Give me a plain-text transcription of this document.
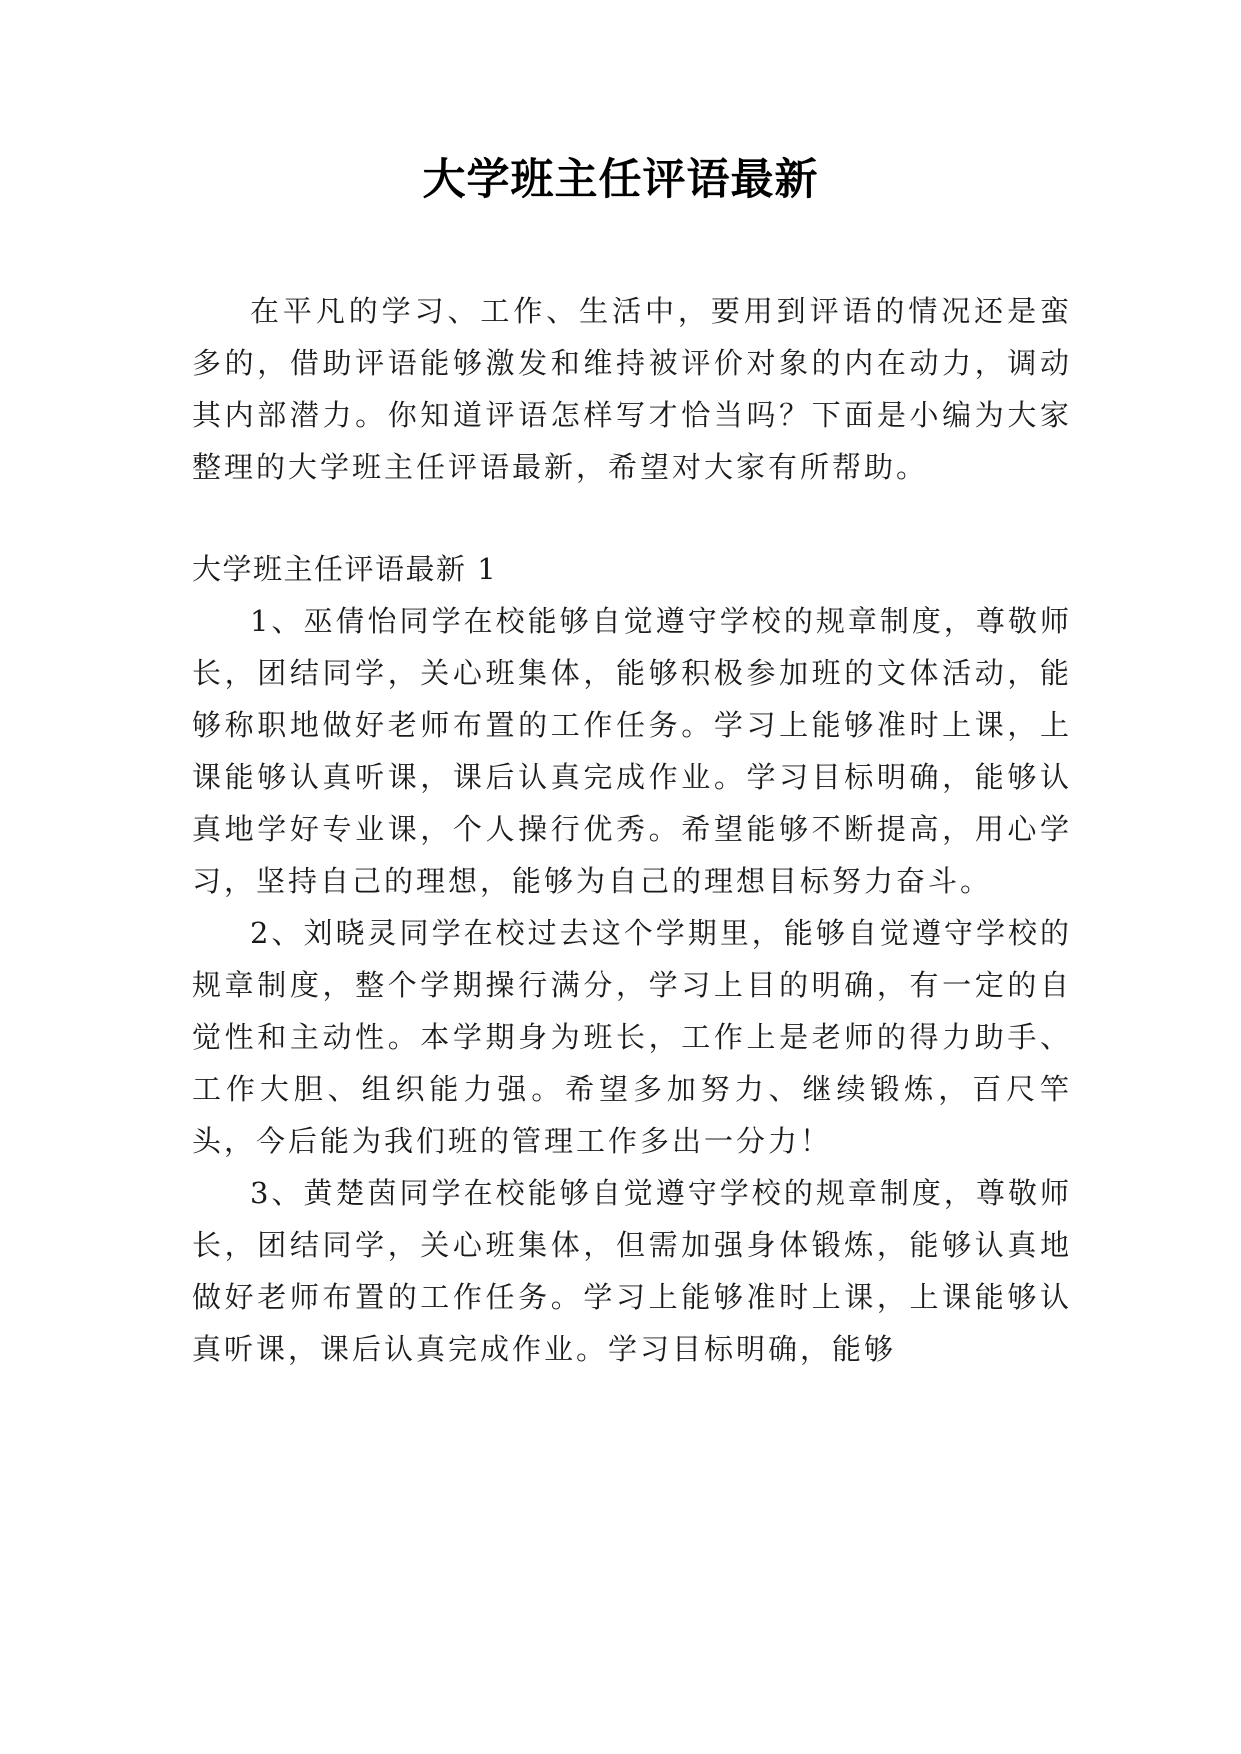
大学班主任评语最新

在平凡的学习、工作、生活中，要用到评语的情况还是蛮多的，借助评语能够激发和维持被评价对象的内在动力，调动其内部潜力。你知道评语怎样写才恰当吗？下面是小编为大家整理的大学班主任评语最新，希望对大家有所帮助。

大学班主任评语最新 1

1、巫倩怡同学在校能够自觉遵守学校的规章制度，尊敬师长，团结同学，关心班集体，能够积极参加班的文体活动，能够称职地做好老师布置的工作任务。学习上能够准时上课，上课能够认真听课，课后认真完成作业。学习目标明确，能够认真地学好专业课，个人操行优秀。希望能够不断提高，用心学习，坚持自己的理想，能够为自己的理想目标努力奋斗。

2、刘晓灵同学在校过去这个学期里，能够自觉遵守学校的规章制度，整个学期操行满分，学习上目的明确，有一定的自觉性和主动性。本学期身为班长，工作上是老师的得力助手、工作大胆、组织能力强。希望多加努力、继续锻炼，百尺竿头，今后能为我们班的管理工作多出一分力！

3、黄楚茵同学在校能够自觉遵守学校的规章制度，尊敬师长，团结同学，关心班集体，但需加强身体锻炼，能够认真地做好老师布置的工作任务。学习上能够准时上课，上课能够认真听课，课后认真完成作业。学习目标明确，能够
